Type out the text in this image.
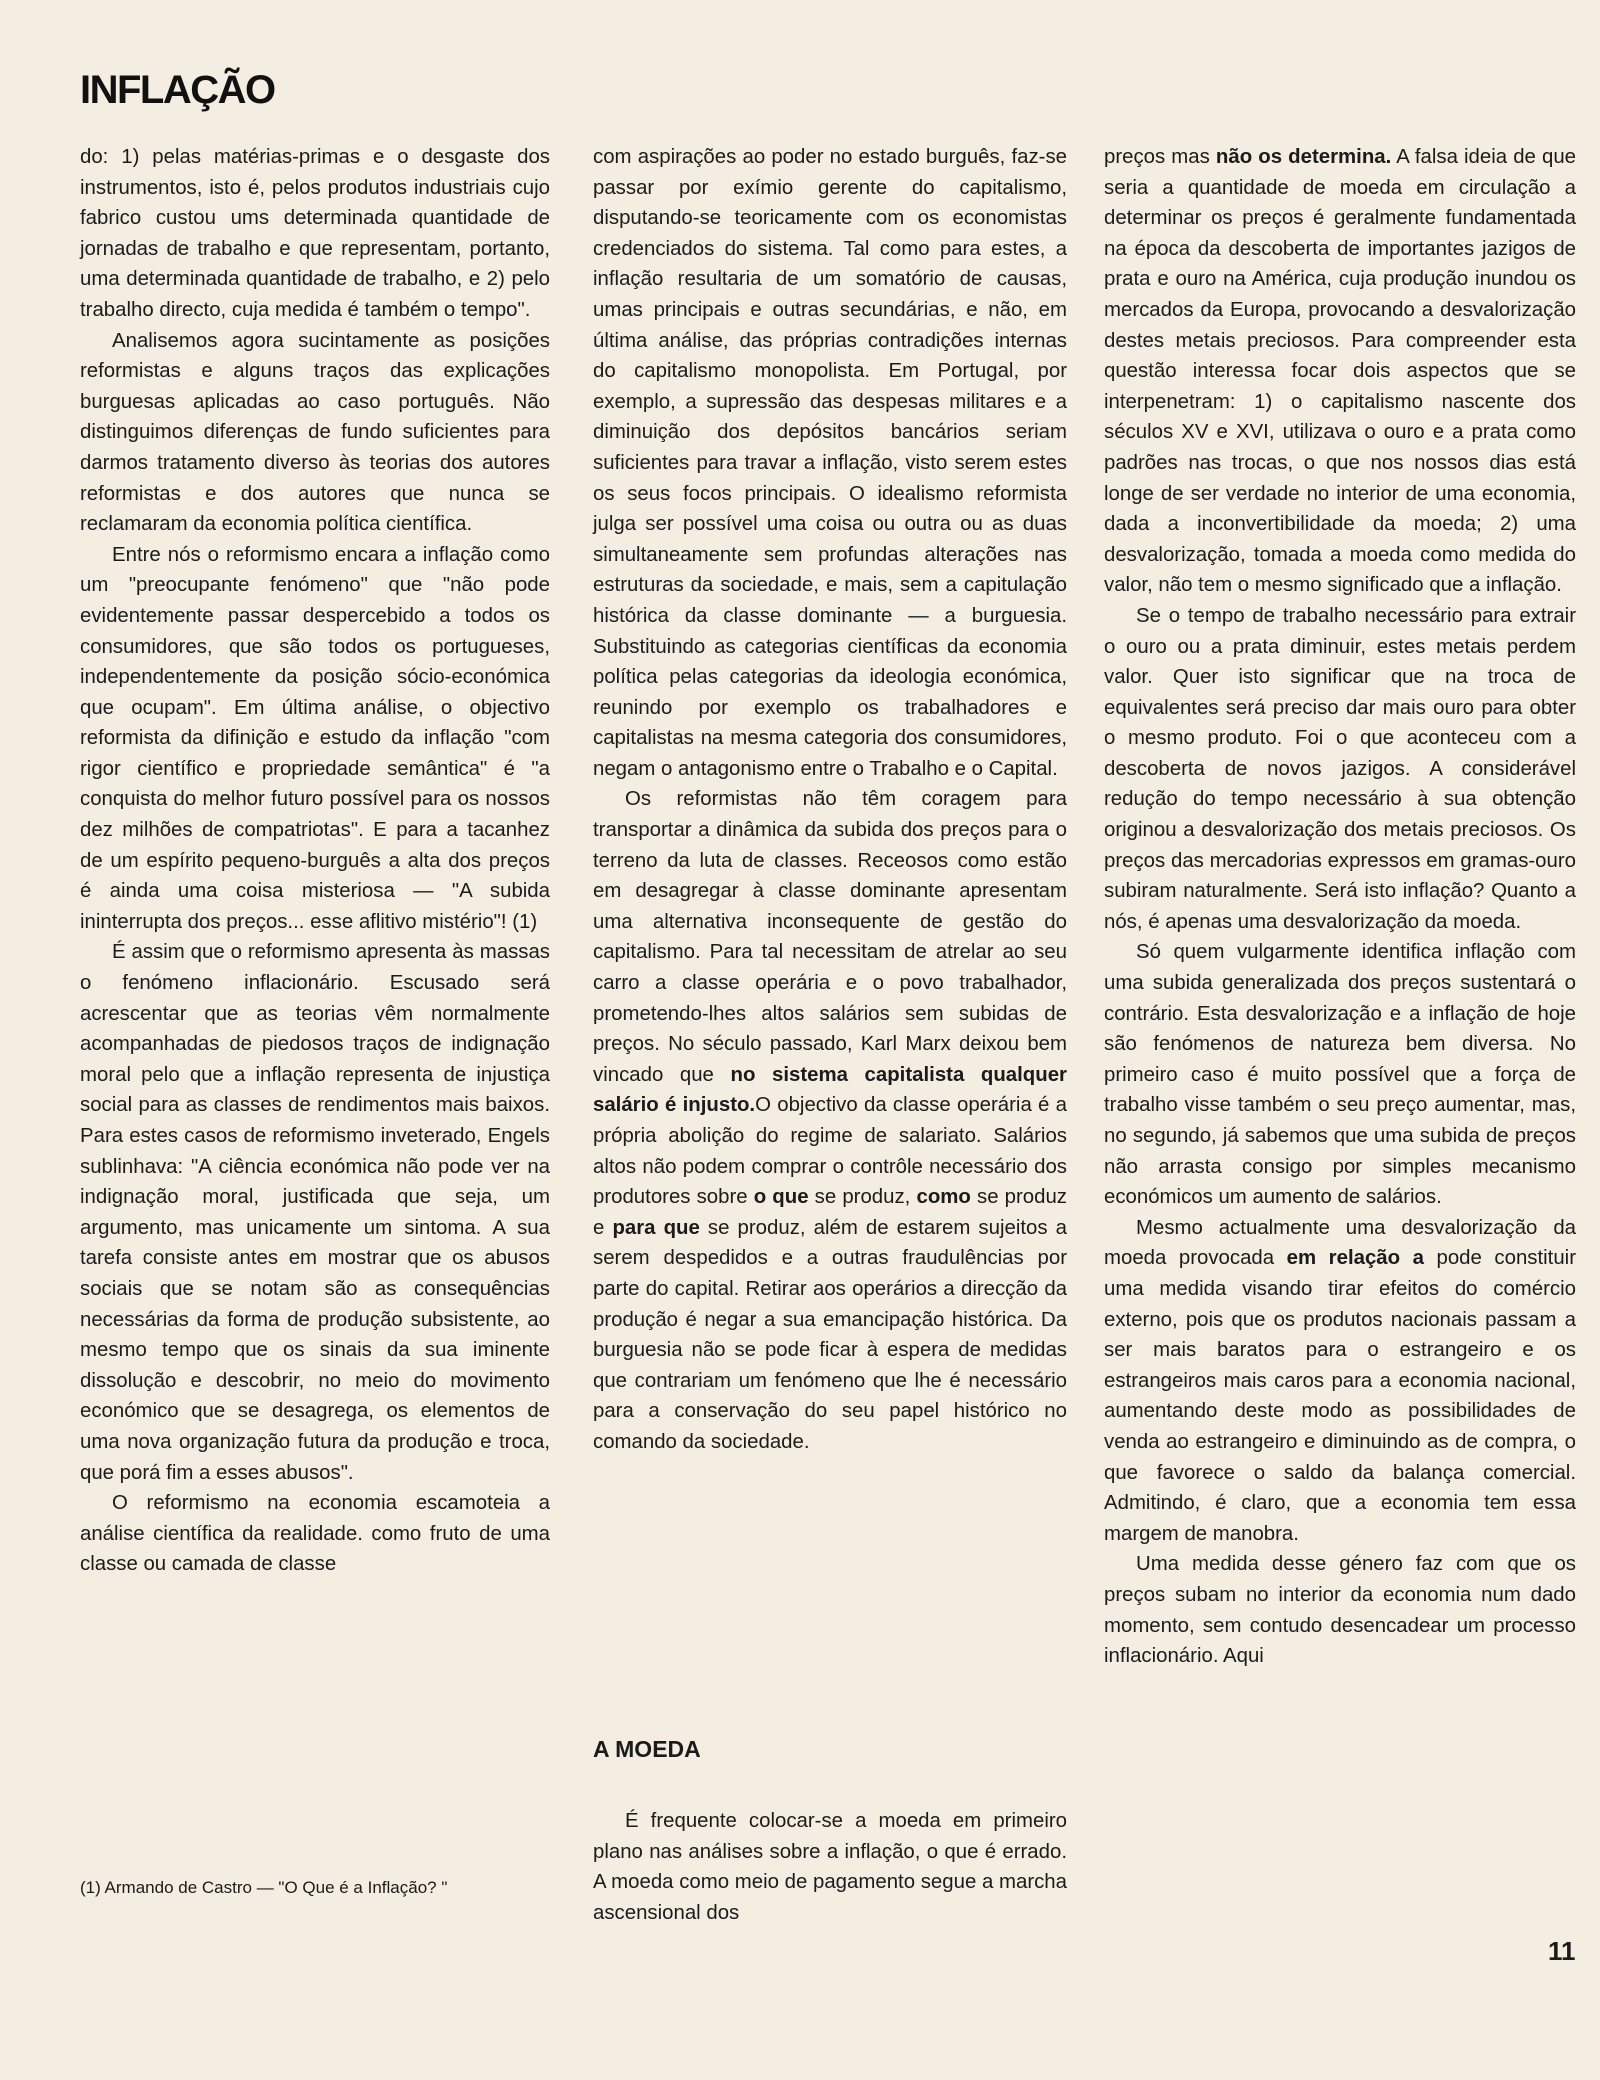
INFLAÇÃO

do: 1) pelas matérias-primas e o desgaste dos instrumentos, isto é, pelos produtos industriais cujo fabrico custou ums determinada quantidade de jornadas de trabalho e que representam, portanto, uma determinada quantidade de trabalho, e 2) pelo trabalho directo, cuja medida é também o tempo".

Analisemos agora sucintamente as posições reformistas e alguns traços das explicações burguesas aplicadas ao caso português. Não distinguimos diferenças de fundo suficientes para darmos tratamento diverso às teorias dos autores reformistas e dos autores que nunca se reclamaram da economia política científica.

Entre nós o reformismo encara a inflação como um "preocupante fenómeno" que "não pode evidentemente passar despercebido a todos os consumidores, que são todos os portugueses, independentemente da posição sócio-económica que ocupam". Em última análise, o objectivo reformista da difinição e estudo da inflação "com rigor científico e propriedade semântica" é "a conquista do melhor futuro possível para os nossos dez milhões de compatriotas". E para a tacanhez de um espírito pequeno-burguês a alta dos preços é ainda uma coisa misteriosa — "A subida ininterrupta dos preços... esse aflitivo mistério"! (1)

É assim que o reformismo apresenta às massas o fenómeno inflacionário. Escusado será acrescentar que as teorias vêm normalmente acompanhadas de piedosos traços de indignação moral pelo que a inflação representa de injustiça social para as classes de rendimentos mais baixos. Para estes casos de reformismo inveterado, Engels sublinhava: "A ciência económica não pode ver na indignação moral, justificada que seja, um argumento, mas unicamente um sintoma. A sua tarefa consiste antes em mostrar que os abusos sociais que se notam são as consequências necessárias da forma de produção subsistente, ao mesmo tempo que os sinais da sua iminente dissolução e descobrir, no meio do movimento económico que se desagrega, os elementos de uma nova organização futura da produção e troca, que porá fim a esses abusos".

O reformismo na economia escamoteia a análise científica da realidade. como fruto de uma classe ou camada de classe

(1) Armando de Castro — "O Que é a Inflação? "

com aspirações ao poder no estado burguês, faz-se passar por exímio gerente do capitalismo, disputando-se teoricamente com os economistas credenciados do sistema. Tal como para estes, a inflação resultaria de um somatório de causas, umas principais e outras secundárias, e não, em última análise, das próprias contradições internas do capitalismo monopolista. Em Portugal, por exemplo, a supressão das despesas militares e a diminuição dos depósitos bancários seriam suficientes para travar a inflação, visto serem estes os seus focos principais. O idealismo reformista julga ser possível uma coisa ou outra ou as duas simultaneamente sem profundas alterações nas estruturas da sociedade, e mais, sem a capitulação histórica da classe dominante — a burguesia. Substituindo as categorias científicas da economia política pelas categorias da ideologia económica, reunindo por exemplo os trabalhadores e capitalistas na mesma categoria dos consumidores, negam o antagonismo entre o Trabalho e o Capital.

Os reformistas não têm coragem para transportar a dinâmica da subida dos preços para o terreno da luta de classes. Receosos como estão em desagregar à classe dominante apresentam uma alternativa inconsequente de gestão do capitalismo. Para tal necessitam de atrelar ao seu carro a classe operária e o povo trabalhador, prometendo-lhes altos salários sem subidas de preços. No século passado, Karl Marx deixou bem vincado que no sistema capitalista qualquer salário é injusto.O objectivo da classe operária é a própria abolição do regime de salariato. Salários altos não podem comprar o contrôle necessário dos produtores sobre o que se produz, como se produz e para que se produz, além de estarem sujeitos a serem despedidos e a outras fraudulências por parte do capital. Retirar aos operários a direcção da produção é negar a sua emancipação histórica. Da burguesia não se pode ficar à espera de medidas que contrariam um fenómeno que lhe é necessário para a conservação do seu papel histórico no comando da sociedade.

A MOEDA

É frequente colocar-se a moeda em primeiro plano nas análises sobre a inflação, o que é errado. A moeda como meio de pagamento segue a marcha ascensional dos

preços mas não os determina. A falsa ideia de que seria a quantidade de moeda em circulação a determinar os preços é geralmente fundamentada na época da descoberta de importantes jazigos de prata e ouro na América, cuja produção inundou os mercados da Europa, provocando a desvalorização destes metais preciosos. Para compreender esta questão interessa focar dois aspectos que se interpenetram: 1) o capitalismo nascente dos séculos XV e XVI, utilizava o ouro e a prata como padrões nas trocas, o que nos nossos dias está longe de ser verdade no interior de uma economia, dada a inconvertibilidade da moeda; 2) uma desvalorização, tomada a moeda como medida do valor, não tem o mesmo significado que a inflação.

Se o tempo de trabalho necessário para extrair o ouro ou a prata diminuir, estes metais perdem valor. Quer isto significar que na troca de equivalentes será preciso dar mais ouro para obter o mesmo produto. Foi o que aconteceu com a descoberta de novos jazigos. A considerável redução do tempo necessário à sua obtenção originou a desvalorização dos metais preciosos. Os preços das mercadorias expressos em gramas-ouro subiram naturalmente. Será isto inflação? Quanto a nós, é apenas uma desvalorização da moeda.

Só quem vulgarmente identifica inflação com uma subida generalizada dos preços sustentará o contrário. Esta desvalorização e a inflação de hoje são fenómenos de natureza bem diversa. No primeiro caso é muito possível que a força de trabalho visse também o seu preço aumentar, mas, no segundo, já sabemos que uma subida de preços não arrasta consigo por simples mecanismo económicos um aumento de salários.

Mesmo actualmente uma desvalorização da moeda provocada em relação a pode constituir uma medida visando tirar efeitos do comércio externo, pois que os produtos nacionais passam a ser mais baratos para o estrangeiro e os estrangeiros mais caros para a economia nacional, aumentando deste modo as possibilidades de venda ao estrangeiro e diminuindo as de compra, o que favorece o saldo da balança comercial. Admitindo, é claro, que a economia tem essa margem de manobra.

Uma medida desse género faz com que os preços subam no interior da economia num dado momento, sem contudo desencadear um processo inflacionário. Aqui

11
